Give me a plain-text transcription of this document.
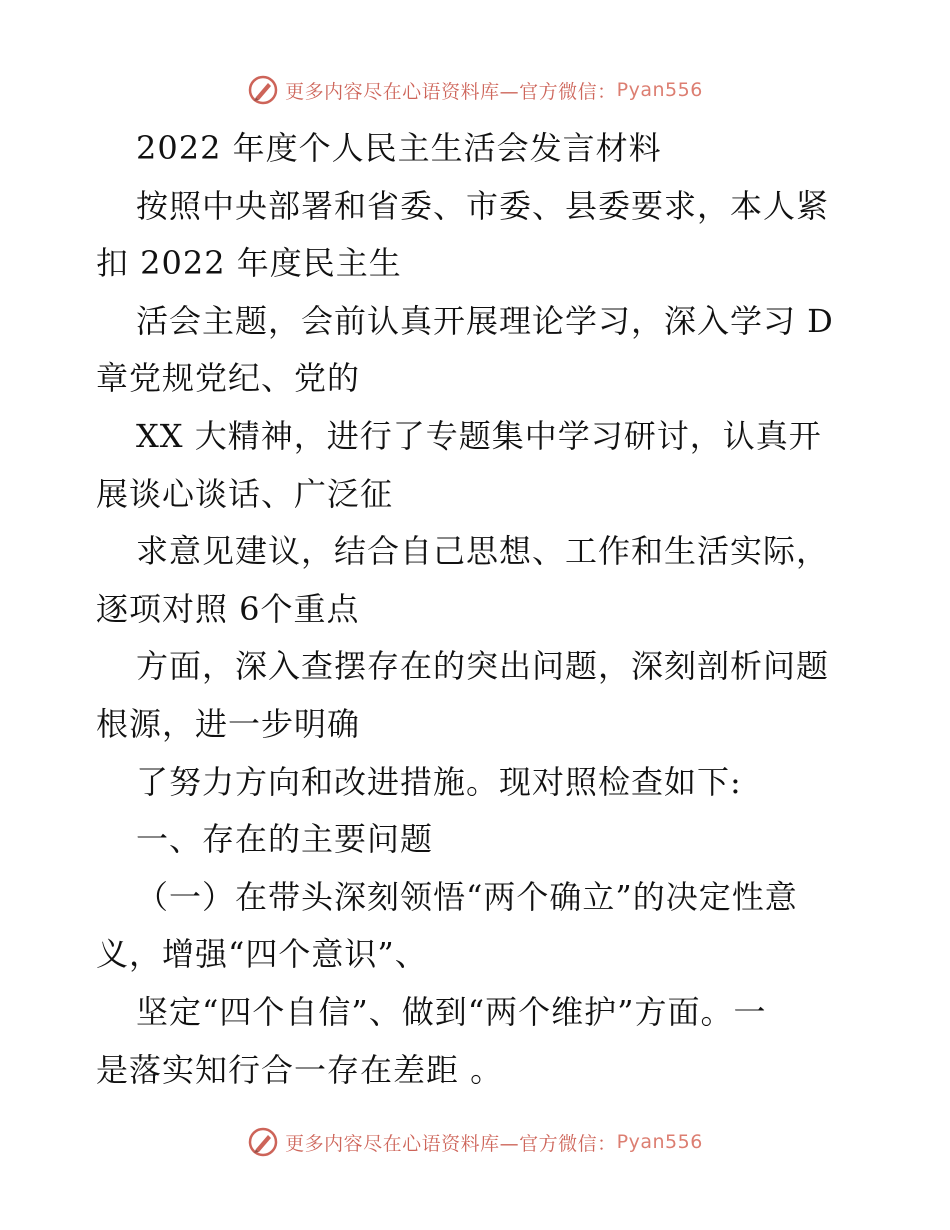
更多内容尽在心语资料库—官方微信： Pyan556
2022 年度个人民主生活会发言材料
按照中央部署和省委、市委、县委要求，本人紧
扣 2022 年度民主生
活会主题，会前认真开展理论学习，深入学习 D
章党规党纪、党的
XX 大精神，进行了专题集中学习研讨，认真开
展谈心谈话、广泛征
求意见建议，结合自己思想、工作和生活实际，
逐项对照 6个重点
方面，深入查摆存在的突出问题，深刻剖析问题
根源，进一步明确
了努力方向和改进措施。现对照检查如下:
一、存在的主要问题
（一）在带头深刻领悟“两个确立”的决定性意
义，增强“四个意识”、
坚定“四个自信”、做到“两个维护”方面。一
是落实知行合一存在差距 。
更多内容尽在心语资料库—官方微信： Pyan556
